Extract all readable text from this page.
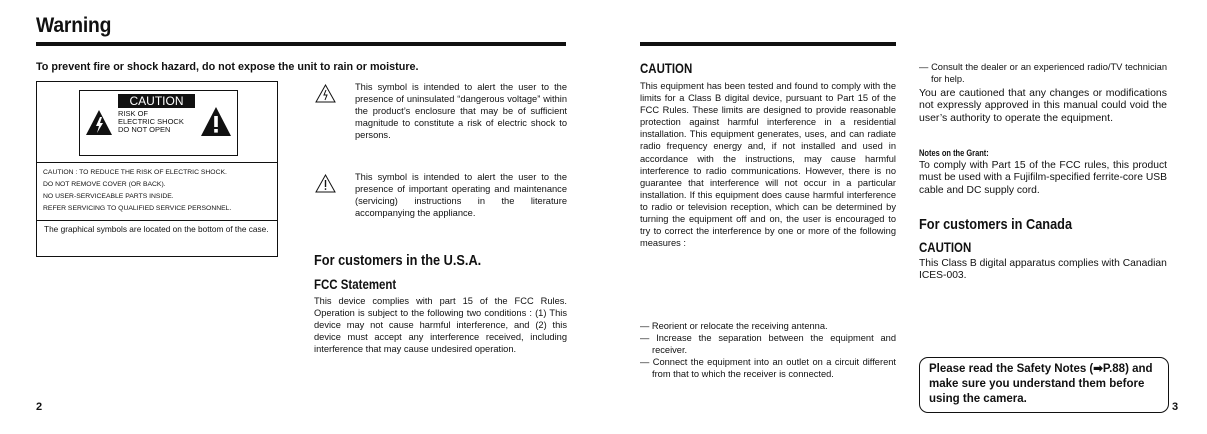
Warning
To prevent fire or shock hazard, do not expose the unit to rain or moisture.
CAUTION
RISK OF
ELECTRIC SHOCK
DO NOT OPEN
CAUTION : TO REDUCE THE RISK OF ELECTRIC SHOCK.
DO NOT REMOVE COVER (OR BACK).
NO USER-SERVICEABLE PARTS INSIDE.
REFER SERVICING TO QUALIFIED SERVICE PERSONNEL.
The graphical symbols are located on the bottom of the case.
This symbol is intended to alert the user to the presence of uninsulated “dangerous voltage” within the product’s enclosure that may be of sufficient magnitude to constitute a risk of electric shock to persons.
This symbol is intended to alert the user to the presence of important operating and maintenance (servicing) instructions in the literature accompanying the appliance.
For customers in the U.S.A.
FCC Statement
This device complies with part 15 of the FCC Rules. Operation is subject to the following two conditions : (1) This device may not cause harmful interference, and (2) this device must accept any interference received, including interference that may cause undesired operation.
2
CAUTION
This equipment has been tested and found to comply with the limits for a Class B digital device, pursuant to Part 15 of the FCC Rules. These limits are designed to provide reasonable protection against harmful interference in a residential installation. This equipment generates, uses, and can radiate radio frequency energy and, if not installed and used in accordance with the instructions, may cause harmful interference to radio communications. However, there is no guarantee that interference will not occur in a particular installation. If this equipment does cause harmful interference to radio or television reception, which can be determined by turning the equipment off and on, the user is encouraged to try to correct the interference by one or more of the following measures :
— Reorient or relocate the receiving antenna.
— Increase the separation between the equipment and receiver.
— Connect the equipment into an outlet on a circuit different from that to which the receiver is connected.
— Consult the dealer or an experienced radio/TV technician for help.
You are cautioned that any changes or modifications not expressly approved in this manual could void the user’s authority to operate the equipment.
Notes on the Grant:
To comply with Part 15 of the FCC rules, this product must be used with a Fujifilm-specified ferrite-core USB cable and DC supply cord.
For customers in Canada
CAUTION
This Class B digital apparatus complies with Canadian ICES-003.
Please read the Safety Notes (➡P.88) and make sure you understand them before using the camera.
3
